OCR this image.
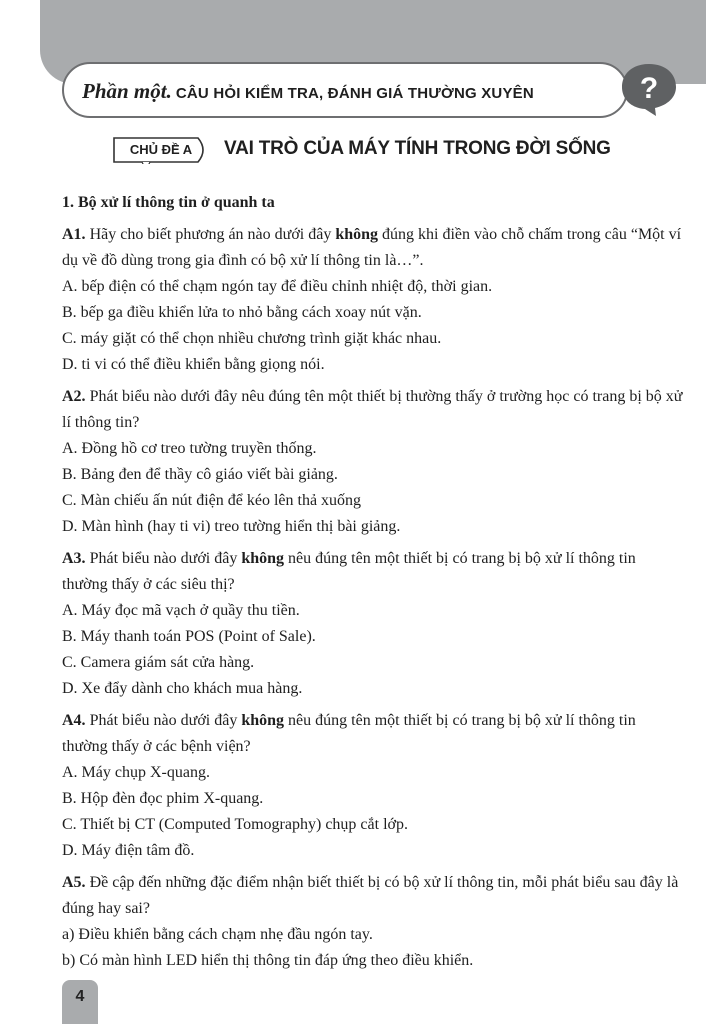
Phần một. CÂU HỎI KIỂM TRA, ĐÁNH GIÁ THƯỜNG XUYÊN	?
CHỦ ĐỀ A	VAI TRÒ CỦA MÁY TÍNH TRONG ĐỜI SỐNG

1. Bộ xử lí thông tin ở quanh ta

A1. Hãy cho biết phương án nào dưới đây không đúng khi điền vào chỗ chấm trong câu “Một ví dụ về đồ dùng trong gia đình có bộ xử lí thông tin là…”.

A. bếp điện có thể chạm ngón tay để điều chỉnh nhiệt độ, thời gian.

B. bếp ga điều khiển lửa to nhỏ bằng cách xoay nút vặn.

C. máy giặt có thể chọn nhiều chương trình giặt khác nhau.

D. ti vi có thể điều khiển bằng giọng nói.

A2. Phát biểu nào dưới đây nêu đúng tên một thiết bị thường thấy ở trường học có trang bị bộ xử lí thông tin?

A. Đồng hồ cơ treo tường truyền thống.

B. Bảng đen để thầy cô giáo viết bài giảng.

C. Màn chiếu ấn nút điện để kéo lên thả xuống

D. Màn hình (hay ti vi) treo tường hiển thị bài giảng.

A3. Phát biểu nào dưới đây không nêu đúng tên một thiết bị có trang bị bộ xử lí thông tin thường thấy ở các siêu thị?

A. Máy đọc mã vạch ở quầy thu tiền.

B. Máy thanh toán POS (Point of Sale).

C. Camera giám sát cửa hàng.

D. Xe đẩy dành cho khách mua hàng.

A4. Phát biểu nào dưới đây không nêu đúng tên một thiết bị có trang bị bộ xử lí thông tin thường thấy ở các bệnh viện?

A. Máy chụp X-quang.

B. Hộp đèn đọc phim X-quang.

C. Thiết bị CT (Computed Tomography) chụp cắt lớp.

D. Máy điện tâm đồ.

A5. Đề cập đến những đặc điểm nhận biết thiết bị có bộ xử lí thông tin, mỗi phát biểu sau đây là đúng hay sai?

a) Điều khiển bằng cách chạm nhẹ đầu ngón tay.

b) Có màn hình LED hiển thị thông tin đáp ứng theo điều khiển.

4
